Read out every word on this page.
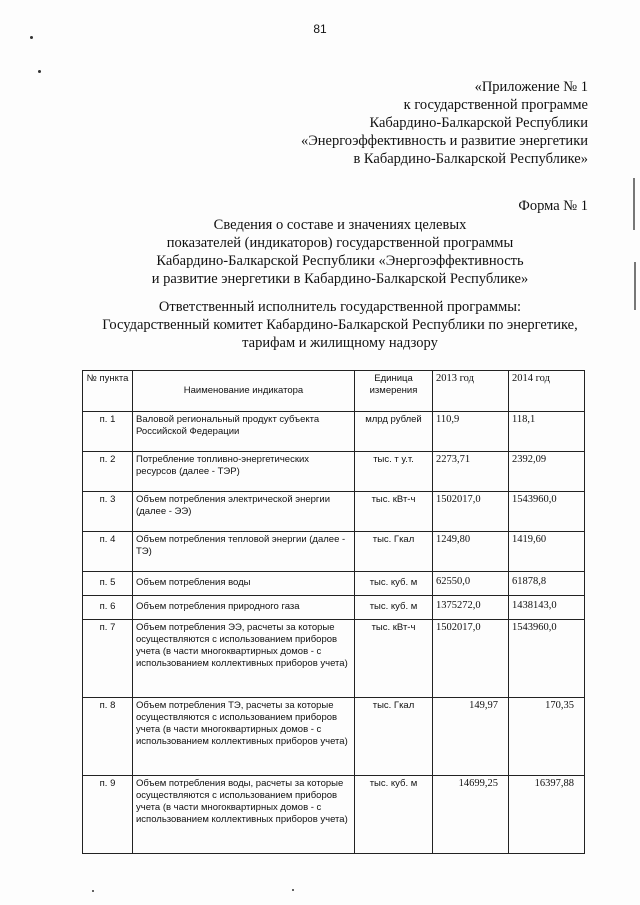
81
«Приложение № 1
к государственной программе
Кабардино-Балкарской Республики
«Энергоэффективность и развитие энергетики
в Кабардино-Балкарской Республике»
Форма № 1
Сведения о составе и значениях целевых
показателей (индикаторов) государственной программы
Кабардино-Балкарской Республики «Энергоэффективность
и развитие энергетики в Кабардино-Балкарской Республике»
Ответственный исполнитель государственной программы:
Государственный комитет Кабардино-Балкарской Республики по энергетике,
тарифам и жилищному надзору
№ пункта	Наименование индикатора	Единица измерения	2013 год	2014 год
п. 1	Валовой региональный продукт субъекта Российской Федерации	млрд рублей	110,9	118,1
п. 2	Потребление топливно-энергетических ресурсов (далее - ТЭР)	тыс. т у.т.	2273,71	2392,09
п. 3	Объем потребления электрической энергии (далее - ЭЭ)	тыс. кВт-ч	1502017,0	1543960,0
п. 4	Объем потребления тепловой энергии (далее - ТЭ)	тыс. Гкал	1249,80	1419,60
п. 5	Объем потребления воды	тыс. куб. м	62550,0	61878,8
п. 6	Объем потребления природного газа	тыс. куб. м	1375272,0	1438143,0
п. 7	Объем потребления ЭЭ, расчеты за которые осуществляются с использованием приборов учета (в части многоквартирных домов - с использованием коллективных приборов учета)	тыс. кВт-ч	1502017,0	1543960,0
п. 8	Объем потребления ТЭ, расчеты за которые осуществляются с использованием приборов учета (в части многоквартирных домов - с использованием коллективных приборов учета)	тыс. Гкал	149,97	170,35
п. 9	Объем потребления воды, расчеты за которые осуществляются с использованием приборов учета (в части многоквартирных домов - с использованием коллективных приборов учета)	тыс. куб. м	14699,25	16397,88
